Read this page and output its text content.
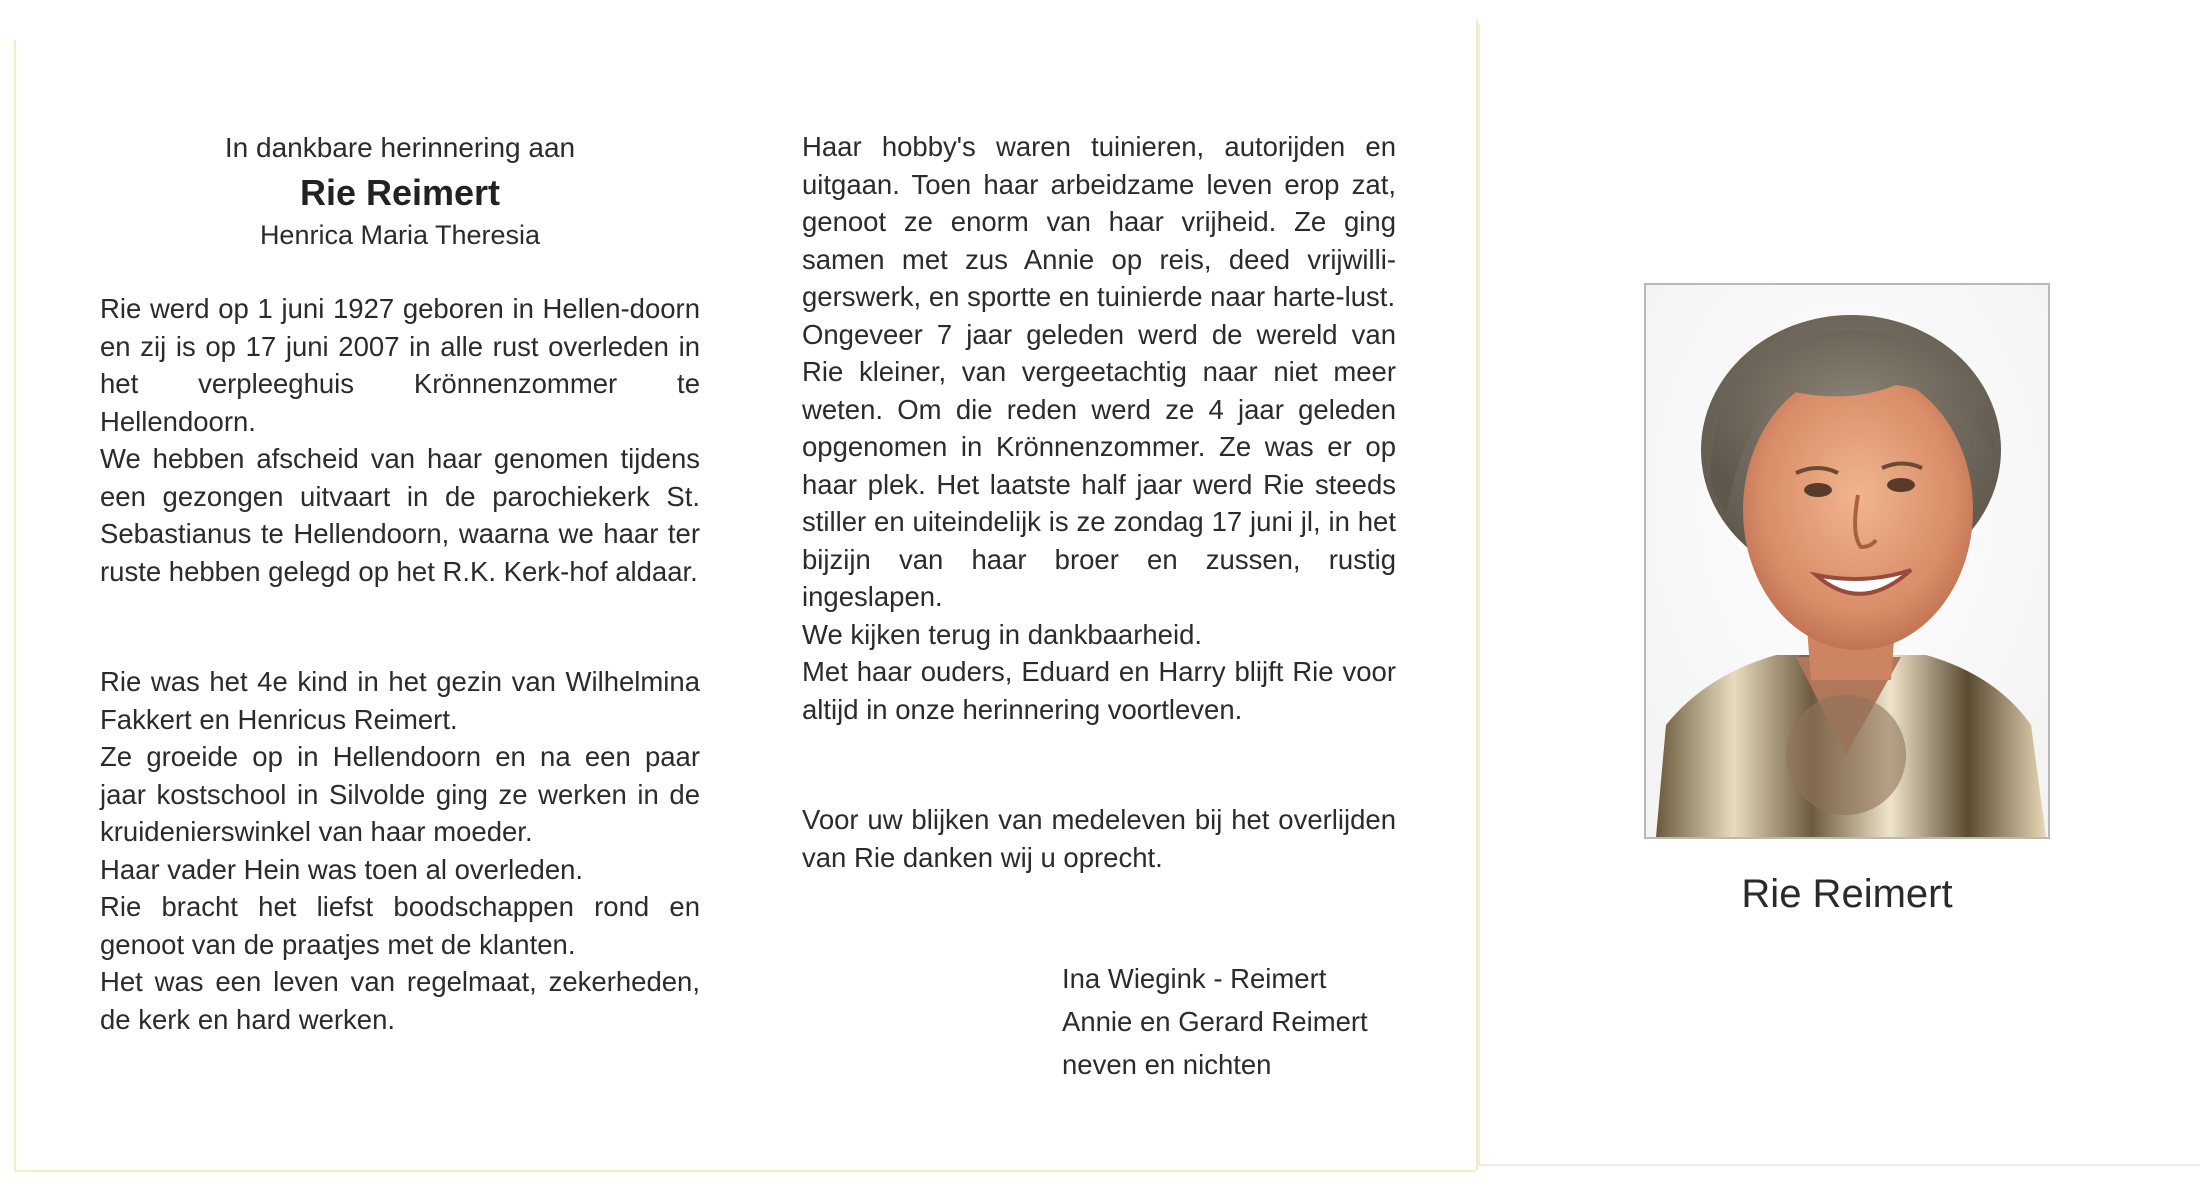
In dankbare herinnering aan
Rie Reimert
Henrica Maria Theresia

Rie werd op 1 juni 1927 geboren in Hellen-doorn en zij is op 17 juni 2007 in alle rust overleden in het verpleeghuis Krönnenzommer te Hellendoorn.

We hebben afscheid van haar genomen tijdens een gezongen uitvaart in de parochiekerk St. Sebastianus te Hellendoorn, waarna we haar ter ruste hebben gelegd op het R.K. Kerk-hof aldaar.

Rie was het 4e kind in het gezin van Wilhelmina Fakkert en Henricus Reimert.

Ze groeide op in Hellendoorn en na een paar jaar kostschool in Silvolde ging ze werken in de kruidenierswinkel van haar moeder.

Haar vader Hein was toen al overleden.

Rie bracht het liefst boodschappen rond en genoot van de praatjes met de klanten.

Het was een leven van regelmaat, zekerheden, de kerk en hard werken.

Haar hobby's waren tuinieren, autorijden en uitgaan. Toen haar arbeidzame leven erop zat, genoot ze enorm van haar vrijheid. Ze ging samen met zus Annie op reis, deed vrijwilli-gerswerk, en sportte en tuinierde naar harte-lust.

Ongeveer 7 jaar geleden werd de wereld van Rie kleiner, van vergeetachtig naar niet meer weten. Om die reden werd ze 4 jaar geleden opgenomen in Krönnenzommer. Ze was er op haar plek. Het laatste half jaar werd Rie steeds stiller en uiteindelijk is ze zondag 17 juni jl, in het bijzijn van haar broer en zussen, rustig ingeslapen.

We kijken terug in dankbaarheid.

Met haar ouders, Eduard en Harry blijft Rie voor altijd in onze herinnering voortleven.

Voor uw blijken van medeleven bij het overlijden van Rie danken wij u oprecht.

Ina Wiegink - Reimert
Annie en Gerard Reimert
neven en nichten
Rie Reimert
